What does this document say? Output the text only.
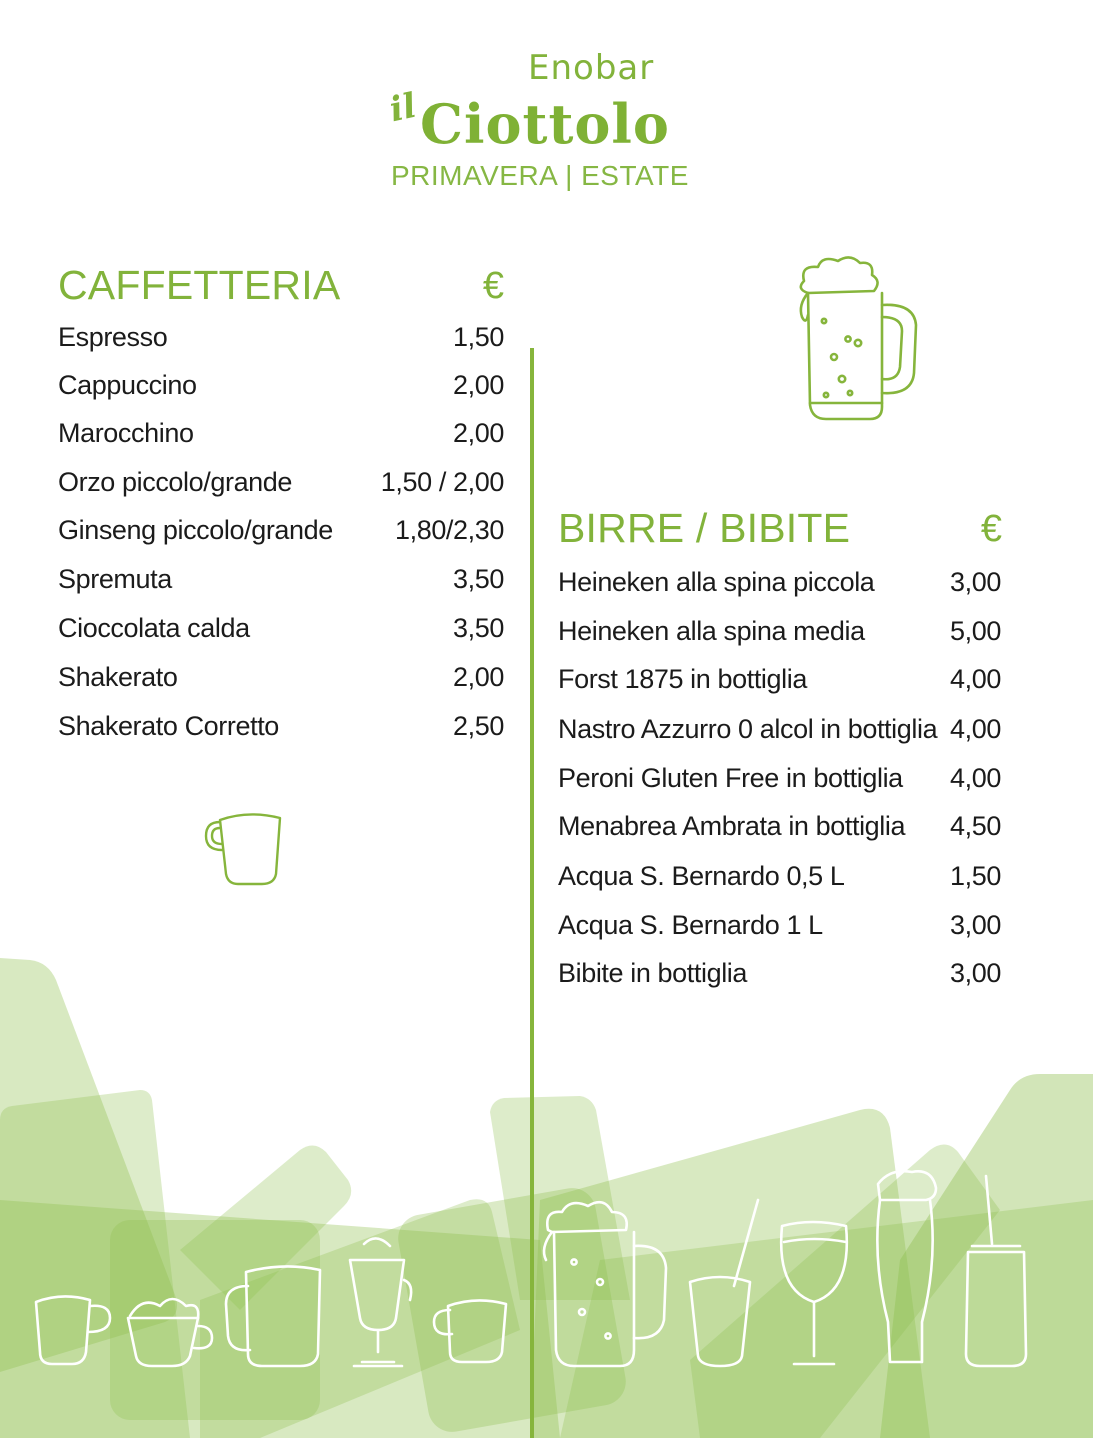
il
Enobar
Ciottolo
PRIMAVERA | ESTATE
CAFFETTERIA	€
Espresso	1,50
Cappuccino	2,00
Marocchino	2,00
Orzo piccolo/grande	1,50 / 2,00
Ginseng piccolo/grande 1,80/2,30
Spremuta	3,50
Cioccolata calda	3,50
Shakerato	2,00
Shakerato Corretto	2,50
BIRRE / BIBITE	€
Heineken alla spina piccola	3,00
Heineken alla spina media	5,00
Forst 1875 in bottiglia	4,00
Nastro Azzurro 0 alcol in bottiglia 4,00
Peroni Gluten Free in bottiglia 4,00
Menabrea Ambrata in bottiglia 4,50
Acqua S. Bernardo 0,5 L	1,50
Acqua S. Bernardo 1 L	3,00
Bibite in bottiglia	3,00
